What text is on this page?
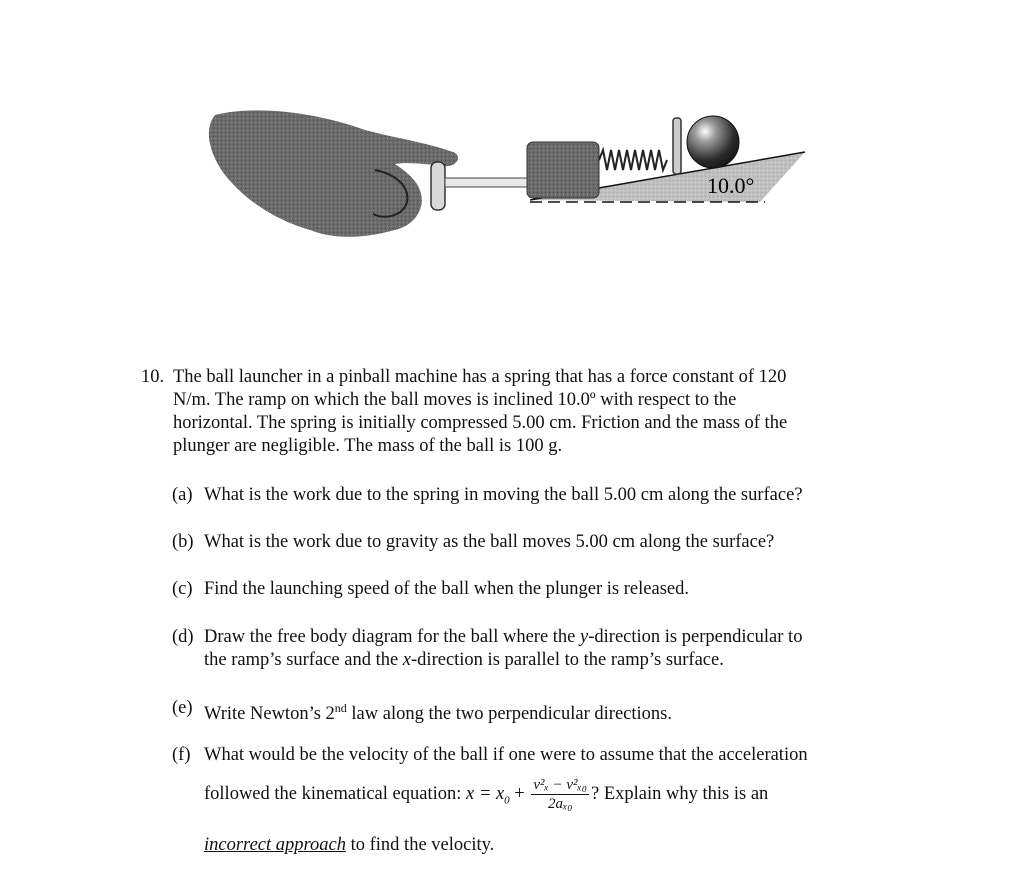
10.0°
10. The ball launcher in a pinball machine has a spring that has a force constant of 120
N/m. The ramp on which the ball moves is inclined 10.0º with respect to the
horizontal. The spring is initially compressed 5.00 cm. Friction and the mass of the
plunger are negligible. The mass of the ball is 100 g.
(a) What is the work due to the spring in moving the ball 5.00 cm along the surface?
(b) What is the work due to gravity as the ball moves 5.00 cm along the surface?
(c) Find the launching speed of the ball when the plunger is released.
(d) Draw the free body diagram for the ball where the y-direction is perpendicular to
the ramp’s surface and the x-direction is parallel to the ramp’s surface.
(e) Write Newton’s 2nd law along the two perpendicular directions.
(f) What would be the velocity of the ball if one were to assume that the acceleration
followed the kinematical equation: $x = x_0 + \frac{\text{v²ₓ − v²ₓ₀}}{\text{2aₓ₀}}$ ? Explain why this is an
incorrect approach to find the velocity.
